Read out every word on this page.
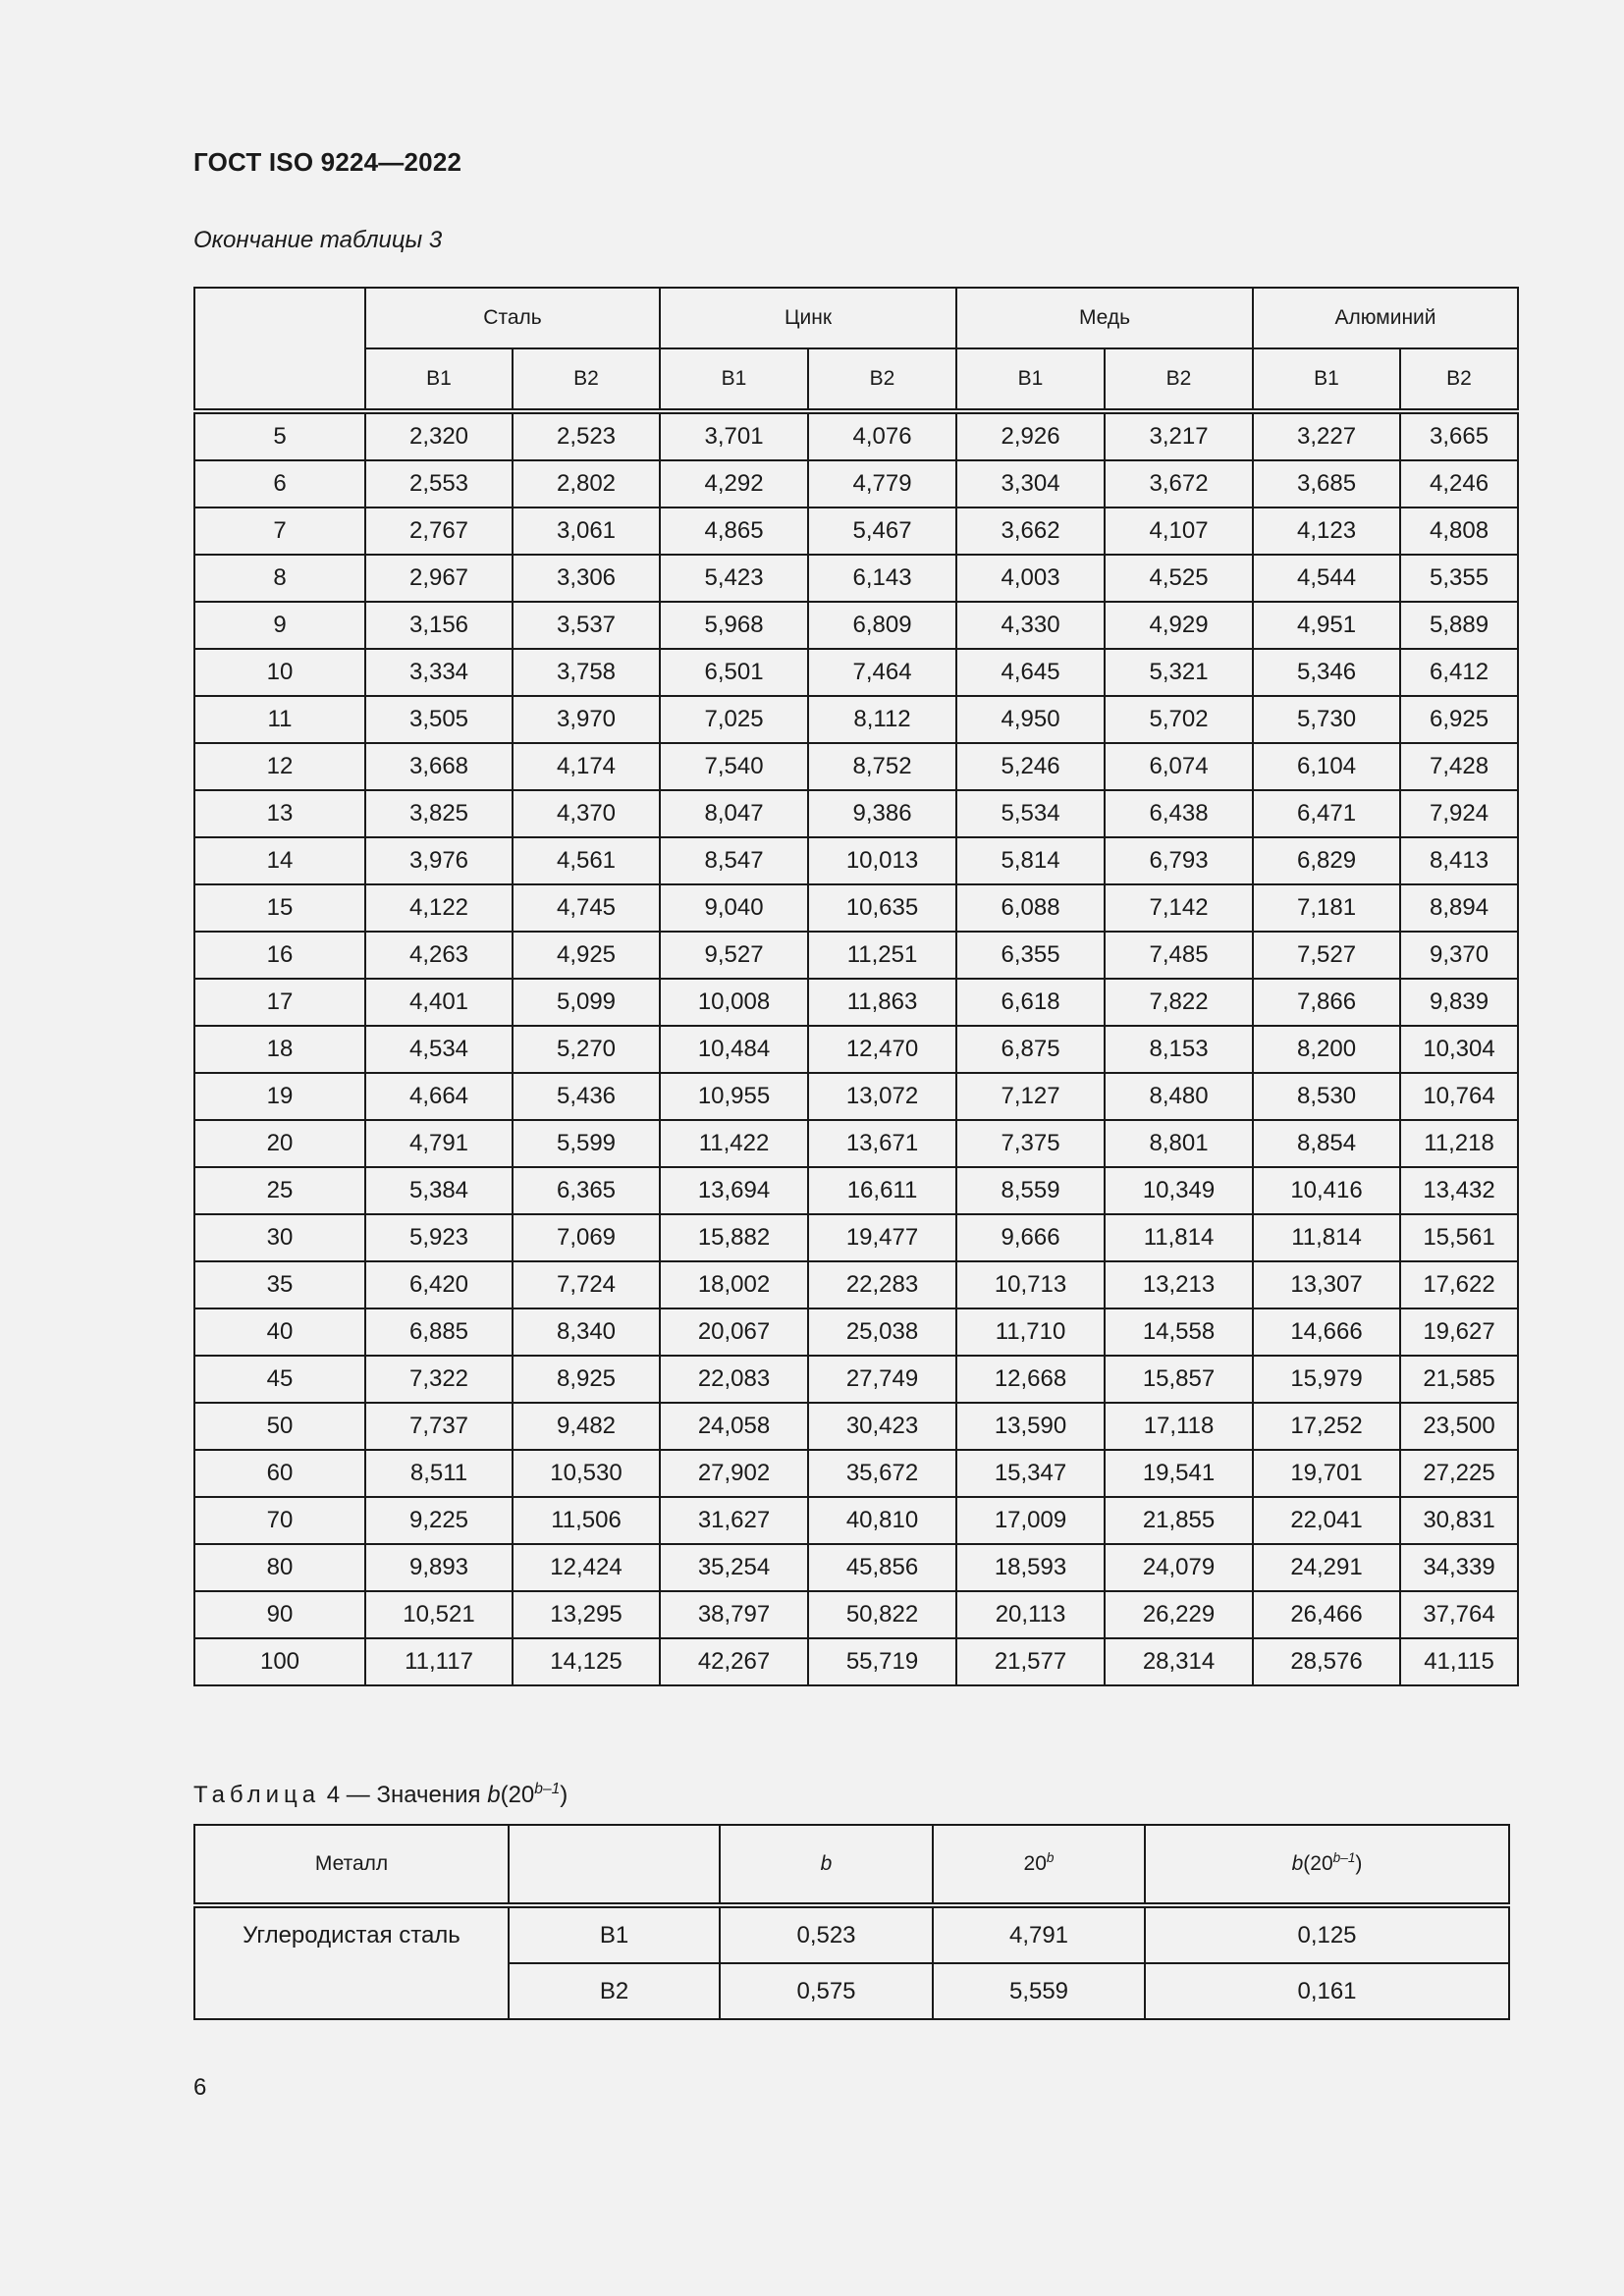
ГОСТ ISO 9224—2022
Окончание таблицы 3
	Сталь		Цинк		Медь		Алюминий	
	B1	B2	B1	B2	B1	B2	B1	B2
5	2,320	2,523	3,701	4,076	2,926	3,217	3,227	3,665
6	2,553	2,802	4,292	4,779	3,304	3,672	3,685	4,246
7	2,767	3,061	4,865	5,467	3,662	4,107	4,123	4,808
8	2,967	3,306	5,423	6,143	4,003	4,525	4,544	5,355
9	3,156	3,537	5,968	6,809	4,330	4,929	4,951	5,889
10	3,334	3,758	6,501	7,464	4,645	5,321	5,346	6,412
11	3,505	3,970	7,025	8,112	4,950	5,702	5,730	6,925
12	3,668	4,174	7,540	8,752	5,246	6,074	6,104	7,428
13	3,825	4,370	8,047	9,386	5,534	6,438	6,471	7,924
14	3,976	4,561	8,547	10,013	5,814	6,793	6,829	8,413
15	4,122	4,745	9,040	10,635	6,088	7,142	7,181	8,894
16	4,263	4,925	9,527	11,251	6,355	7,485	7,527	9,370
17	4,401	5,099	10,008	11,863	6,618	7,822	7,866	9,839
18	4,534	5,270	10,484	12,470	6,875	8,153	8,200	10,304
19	4,664	5,436	10,955	13,072	7,127	8,480	8,530	10,764
20	4,791	5,599	11,422	13,671	7,375	8,801	8,854	11,218
25	5,384	6,365	13,694	16,611	8,559	10,349	10,416	13,432
30	5,923	7,069	15,882	19,477	9,666	11,814	11,814	15,561
35	6,420	7,724	18,002	22,283	10,713	13,213	13,307	17,622
40	6,885	8,340	20,067	25,038	11,710	14,558	14,666	19,627
45	7,322	8,925	22,083	27,749	12,668	15,857	15,979	21,585
50	7,737	9,482	24,058	30,423	13,590	17,118	17,252	23,500
60	8,511	10,530	27,902	35,672	15,347	19,541	19,701	27,225
70	9,225	11,506	31,627	40,810	17,009	21,855	22,041	30,831
80	9,893	12,424	35,254	45,856	18,593	24,079	24,291	34,339
90	10,521	13,295	38,797	50,822	20,113	26,229	26,466	37,764
100	11,117	14,125	42,267	55,719	21,577	28,314	28,576	41,115
Таблица 4 — Значения b(20$^{b-1}$)
Металл		b	20$^b$	b(20$^{b-1}$)
Углеродистая сталь	B1	0,523	4,791	0,125
	B2	0,575	5,559	0,161
6
